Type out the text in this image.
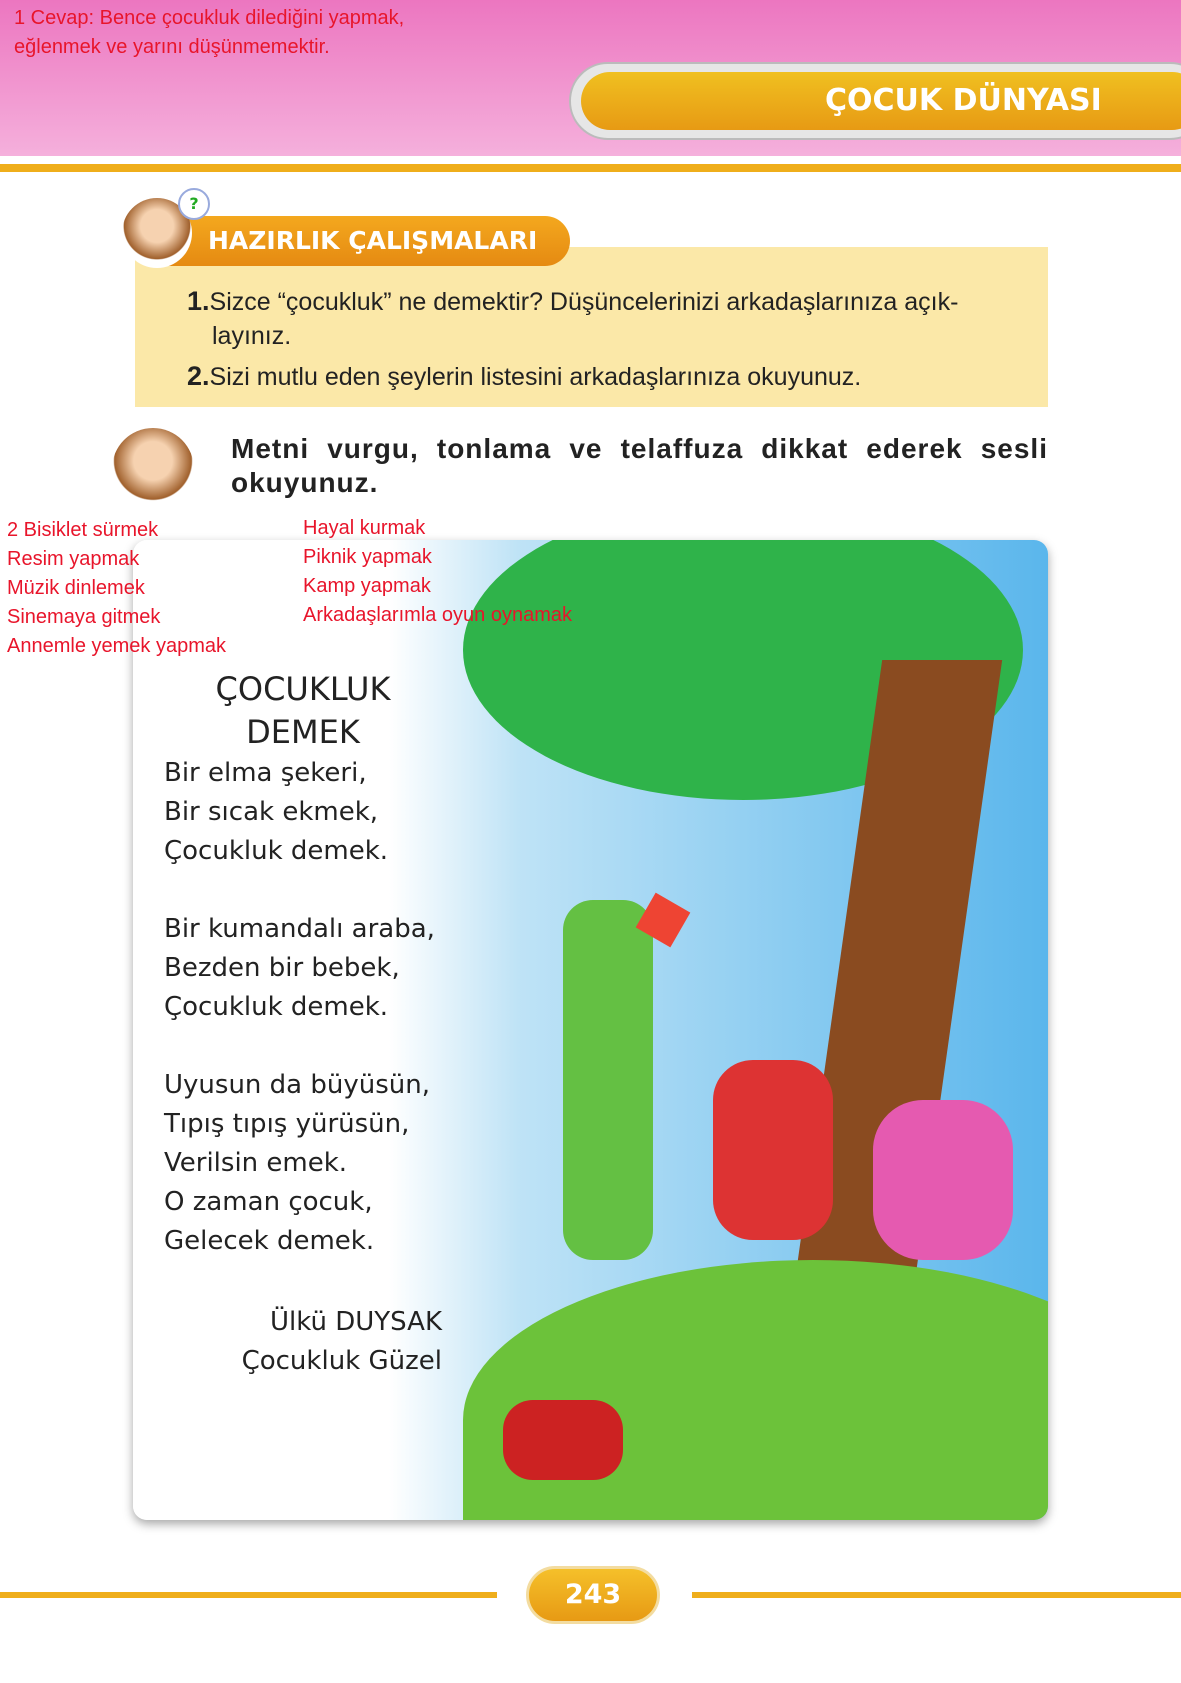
1 Cevap: Bence çocukluk dilediğini yapmak,
eğlenmek ve yarını düşünmemektir.
ÇOCUK DÜNYASI
1.Sizce “çocukluk” ne demektir? Düşüncelerinizi arkadaşlarınıza açık-
layınız.
2.Sizi mutlu eden şeylerin listesini arkadaşlarınıza okuyunuz.
HAZIRLIK ÇALIŞMALARI
?
Metni vurgu, tonlama ve telaffuza dikkat ederek sesli okuyunuz.
ÇOCUKLUK
DEMEK
Bir elma şekeri,
Bir sıcak ekmek,
Çocukluk demek.
Bir kumandalı araba,
Bezden bir bebek,
Çocukluk demek.
Uyusun da büyüsün,
Tıpış tıpış yürüsün,
Verilsin emek.
O zaman çocuk,
Gelecek demek.
Ülkü DUYSAK
Çocukluk Güzel
2 Bisiklet sürmek
Resim yapmak
Müzik dinlemek
Sinemaya gitmek
Annemle yemek yapmak
Hayal kurmak
Piknik yapmak
Kamp yapmak
Arkadaşlarımla oyun oynamak
243
